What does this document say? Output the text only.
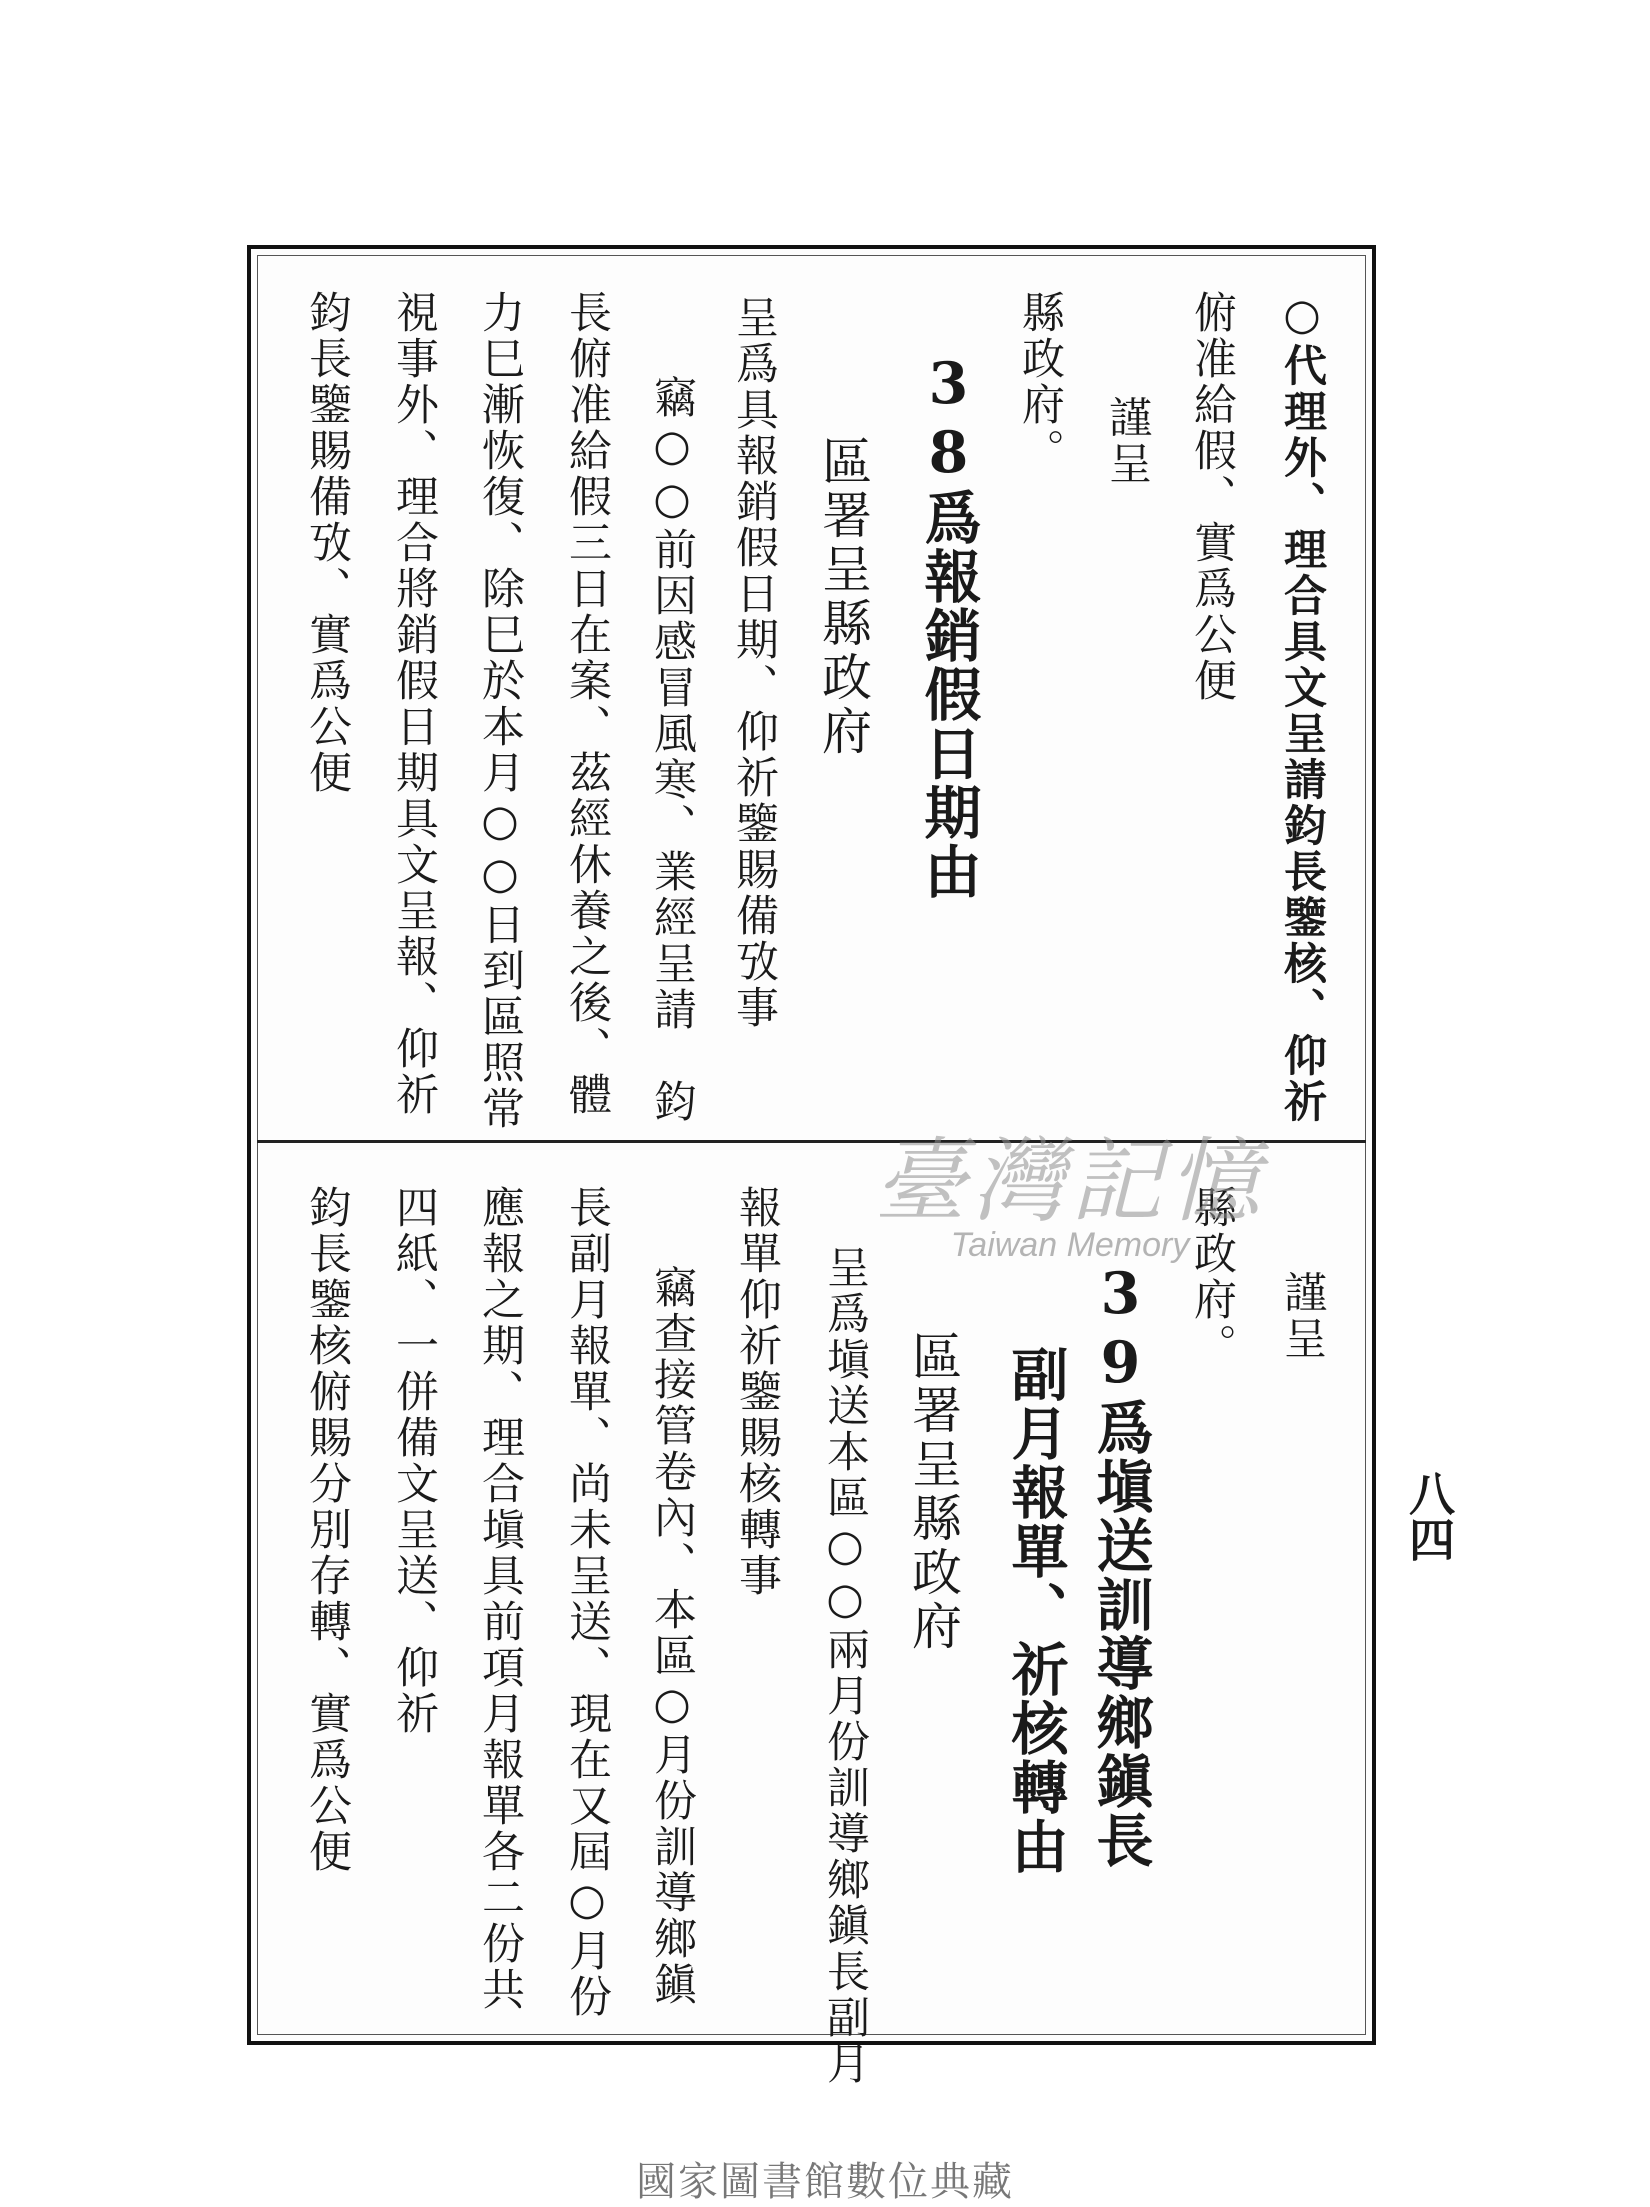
○代理外、理合具文呈請鈞長鑒核、仰祈
俯准給假、實爲公便
謹呈
縣政府。
38爲報銷假日期由
區署呈縣政府
呈爲具報銷假日期、仰祈鑒賜備攷事
竊○○前因感冒風寒、業經呈請　鈞
長俯准給假三日在案、茲經休養之後、體
力巳漸恢復、除巳於本月○○日到區照常
視事外、理合將銷假日期具文呈報、仰祈
鈞長鑒賜備攷、實爲公便
謹呈
縣政府。
39爲塡送訓導鄉鎭長
副月報單、祈核轉由
區署呈縣政府
呈爲塡送本區○○兩月份訓導鄉鎭長副月
報單仰祈鑒賜核轉事
竊查接管卷內、本區○月份訓導鄉鎭
長副月報單、尚未呈送、現在又屆○月份
應報之期、理合塡具前項月報單各二份共
四紙、一併備文呈送、仰祈
鈞長鑒核俯賜分別存轉、實爲公便	八四
臺灣記憶
Taiwan Memory
國家圖書館數位典藏
